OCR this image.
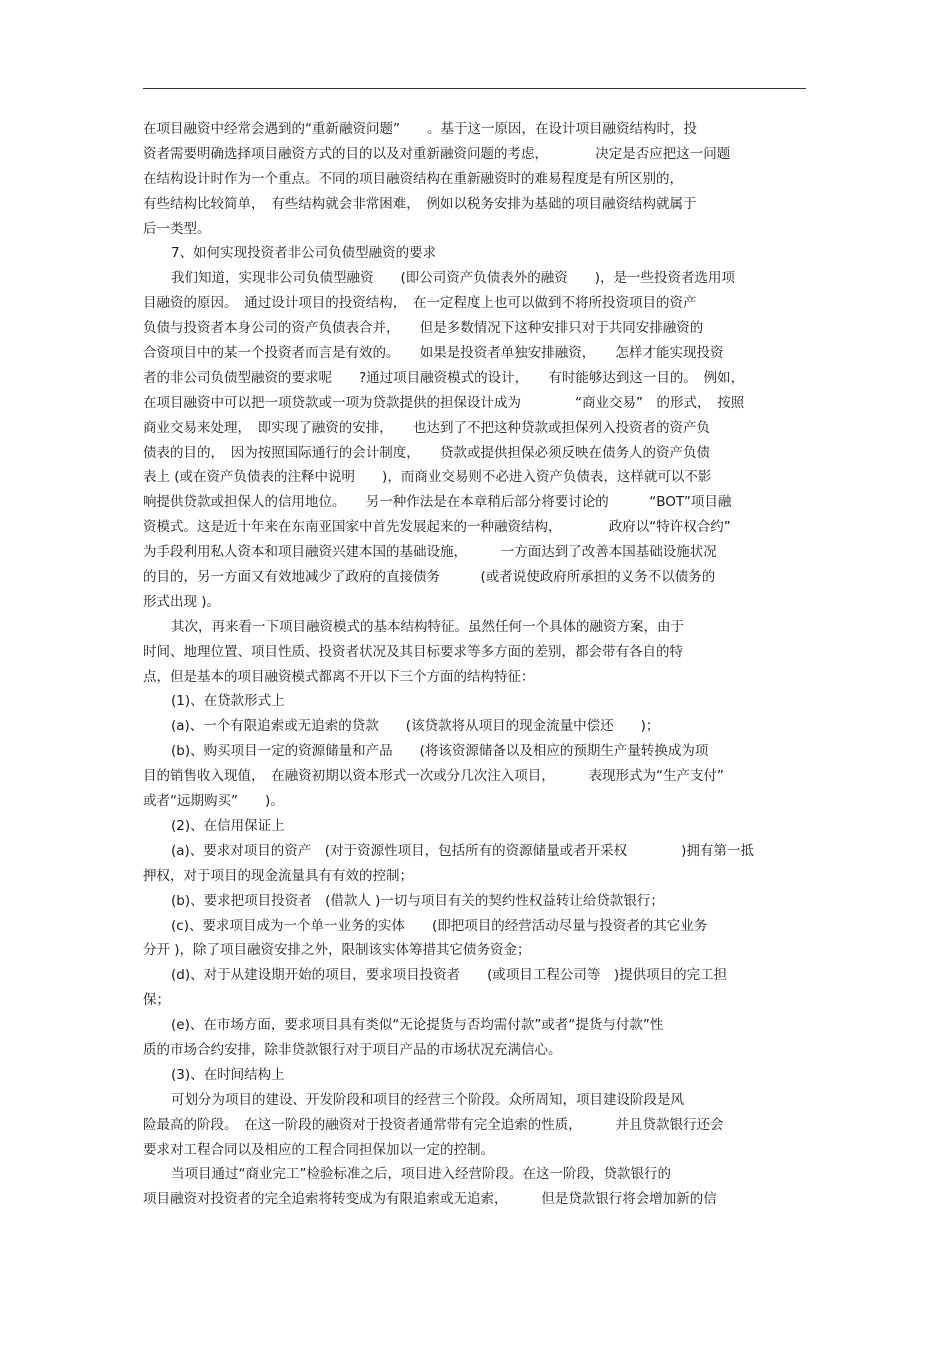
在项目融资中经常会遇到的“重新融资问题”　　。基于这一原因，在设计项目融资结构时，投
资者需要明确选择项目融资方式的目的以及对重新融资问题的考虑，　　　　决定是否应把这一问题
在结构设计时作为一个重点。不同的项目融资结构在重新融资时的难易程度是有所区别的，
有些结构比较简单，　有些结构就会非常困难，　例如以税务安排为基础的项目融资结构就属于
后一类型。
7、如何实现投资者非公司负债型融资的要求
我们知道，实现非公司负债型融资　　(即公司资产负债表外的融资　　)，是一些投资者选用项
目融资的原因。　通过设计项目的投资结构，　在一定程度上也可以做到不将所投资项目的资产
负债与投资者本身公司的资产负债表合并，　　但是多数情况下这种安排只对于共同安排融资的
合资项目中的某一个投资者而言是有效的。　　如果是投资者单独安排融资，　　怎样才能实现投资
者的非公司负债型融资的要求呢　　?通过项目融资模式的设计，　　有时能够达到这一目的。　例如，
在项目融资中可以把一项贷款或一项为贷款提供的担保设计成为　　　　“商业交易”　的形式，　按照
商业交易来处理，　即实现了融资的安排，　　也达到了不把这种贷款或担保列入投资者的资产负
债表的目的，　因为按照国际通行的会计制度，　　贷款或提供担保必须反映在债务人的资产负债
表上 (或在资产负债表的注释中说明　　)，而商业交易则不必进入资产负债表，这样就可以不影
响提供贷款或担保人的信用地位。　　另一种作法是在本章稍后部分将要讨论的　　　“BOT”项目融
资模式。这是近十年来在东南亚国家中首先发展起来的一种融资结构，　　　　政府以“特许权合约”
为手段利用私人资本和项目融资兴建本国的基础设施，　　　一方面达到了改善本国基础设施状况
的目的，另一方面又有效地减少了政府的直接债务　　　(或者说使政府所承担的义务不以债务的
形式出现 )。
其次，再来看一下项目融资模式的基本结构特征。虽然任何一个具体的融资方案，由于
时间、地理位置、项目性质、投资者状况及其目标要求等多方面的差别，都会带有各自的特
点，但是基本的项目融资模式都离不开以下三个方面的结构特征：
(1)、在贷款形式上
(a)、一个有限追索或无追索的贷款　　(该贷款将从项目的现金流量中偿还　　)；
(b)、购买项目一定的资源储量和产品　　(将该资源储备以及相应的预期生产量转换成为项
目的销售收入现值，　在融资初期以资本形式一次或分几次注入项目，　　　表现形式为“生产支付”
或者“远期购买”　　)。
(2)、在信用保证上
(a)、要求对项目的资产　(对于资源性项目，包括所有的资源储量或者开采权　　　　)拥有第一抵
押权，对于项目的现金流量具有有效的控制；
(b)、要求把项目投资者　(借款人 )一切与项目有关的契约性权益转让给贷款银行；
(c)、要求项目成为一个单一业务的实体　　(即把项目的经营活动尽量与投资者的其它业务
分开 )，除了项目融资安排之外，限制该实体筹措其它债务资金；
(d)、对于从建设期开始的项目，要求项目投资者　　(或项目工程公司等　)提供项目的完工担
保；
(e)、在市场方面，要求项目具有类似“无论提货与否均需付款”或者“提货与付款”性
质的市场合约安排，除非贷款银行对于项目产品的市场状况充满信心。
(3)、在时间结构上
可划分为项目的建设、开发阶段和项目的经营三个阶段。众所周知，项目建设阶段是风
险最高的阶段。　在这一阶段的融资对于投资者通常带有完全追索的性质，　　　并且贷款银行还会
要求对工程合同以及相应的工程合同担保加以一定的控制。
当项目通过“商业完工”检验标准之后，项目进入经营阶段。在这一阶段，贷款银行的
项目融资对投资者的完全追索将转变成为有限追索或无追索，　　　但是贷款银行将会增加新的信
